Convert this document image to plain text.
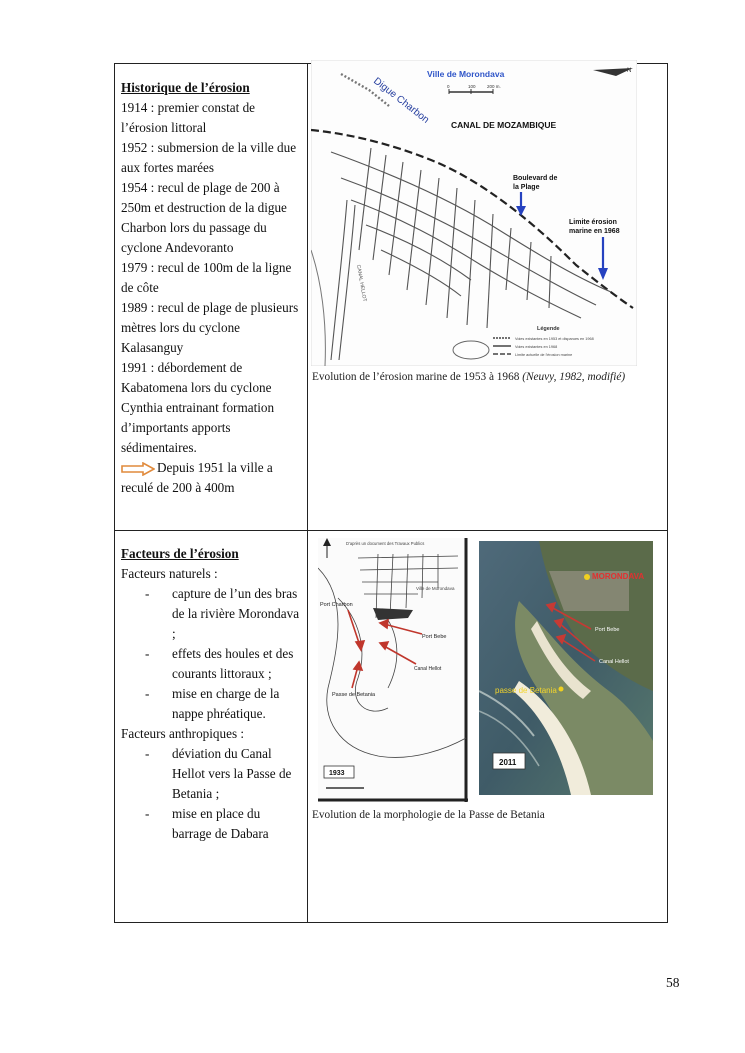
Historique de l’érosion
1914 : premier constat de l’érosion littoral
1952 : submersion de la ville due aux fortes marées
1954 : recul de plage de 200 à 250m et destruction de la digue Charbon lors du passage du cyclone Andevoranto
1979 : recul de 100m de la ligne de côte
1989 : recul de plage de plusieurs mètres lors du cyclone Kalasanguy
1991 : débordement de Kabatomena lors du cyclone Cynthia entrainant formation d’importants apports sédimentaires.
Depuis 1951 la ville a reculé de 200 à 400m
Facteurs de l’érosion
Facteurs naturels :
- capture de l’un des bras de la rivière Morondava ;
- effets des houles et des courants littoraux ;
- mise en charge de la nappe phréatique.
Facteurs anthropiques :
- déviation du Canal Hellot vers la Passe de Betania ;
- mise en place du barrage de Dabara
N
Ville de Morondava
0	100	200 m.
Digue Charbon CANAL DE MOZAMBIQUE
CANAL HELLOT
Boulevard de
la Plage
Limite érosion
marine en 1968
Légende
Voies existantes en 1953 et disparues en 1968
Voies existantes en 1968
Limite actuelle de l'érosion marine
Evolution de l’érosion marine de 1953 à 1968 (Neuvy, 1982, modifié)
D'après un document des Travaux Publics
Port Charbon
Port Bebe
Canal Hellot
Passe de Betania
Ville de Morondava
1933
MORONDAVA
Port Bebe
Canal Hellot
passe de Betania
2011
Evolution de la morphologie de la Passe de Betania
58
